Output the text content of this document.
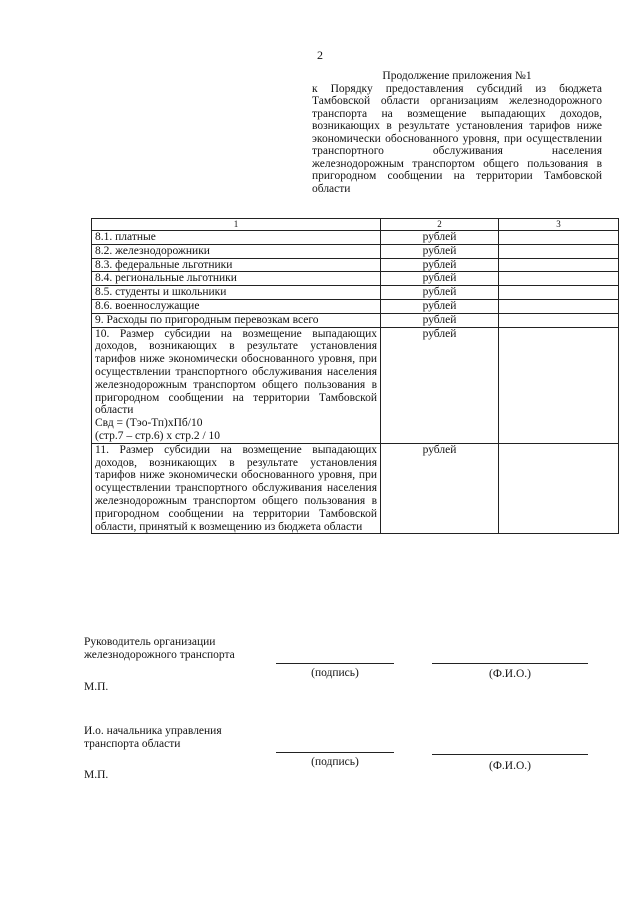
2
Продолжение приложения №1
к Порядку предоставления субсидий из бюджета Тамбовской области организациям железнодорожного транспорта на возмещение выпадающих доходов, возникающих в результате установления тарифов ниже экономически обоснованного уровня, при осуществлении транспортного обслуживания населения железнодорожным транспортом общего пользования в пригородном сообщении на территории Тамбовской области
1	2	3
8.1. платные	рублей	
8.2. железнодорожники	рублей	
8.3. федеральные льготники	рублей	
8.4. региональные льготники	рублей	
8.5. студенты и школьники	рублей	
8.6. военнослужащие	рублей	
9. Расходы по пригородным перевозкам всего	рублей	

10. Размер субсидии на возмещение выпадающих доходов, возникающих в результате установления тарифов ниже экономически обоснованного уровня, при осуществлении транспортного обслуживания населения железнодорожным транспортом общего пользования в пригородном сообщении на территории Тамбовской области
Свд = (Тэо-Тп)хПб/10
(стр.7 – стр.6) х стр.2 / 10	рублей	
11. Размер субсидии на возмещение выпадающих доходов, возникающих в результате установления тарифов ниже экономически обоснованного уровня, при осуществлении транспортного обслуживания населения железнодорожным транспортом общего пользования в пригородном сообщении на территории Тамбовской области, принятый к возмещению из бюджета области	рублей	
Руководитель организации железнодорожного транспорта
(подпись)	(Ф.И.О.)
М.П.
И.о. начальника управления транспорта области
(подпись)	(Ф.И.О.)
М.П.
